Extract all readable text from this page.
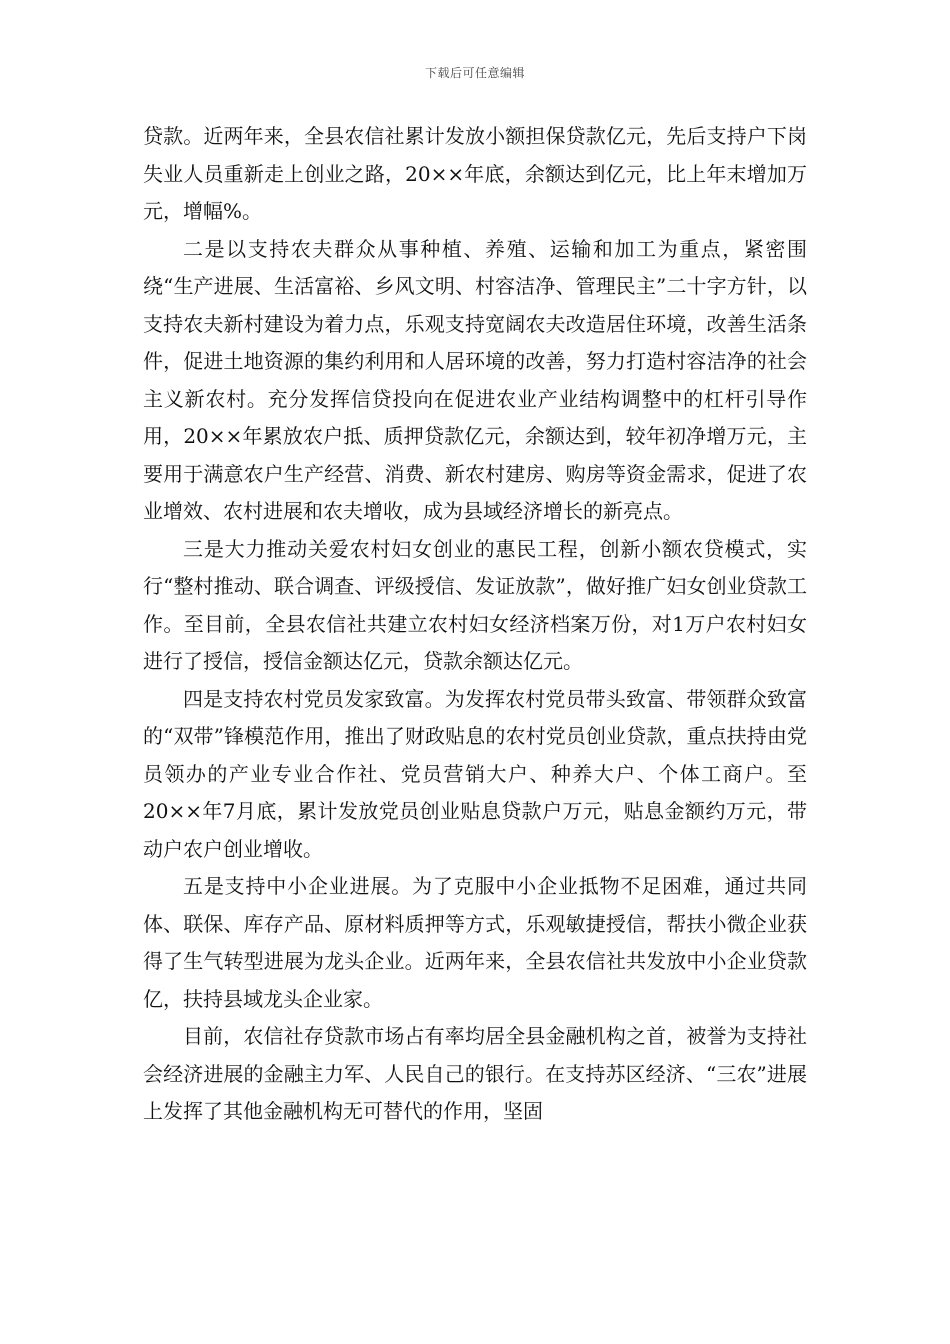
下载后可任意编辑

贷款。近两年来，全县农信社累计发放小额担保贷款亿元，先后支持户下岗失业人员重新走上创业之路，20××年底，余额达到亿元，比上年末增加万元，增幅%。

二是以支持农夫群众从事种植、养殖、运输和加工为重点，紧密围绕“生产进展、生活富裕、乡风文明、村容洁净、管理民主”二十字方针，以支持农夫新村建设为着力点，乐观支持宽阔农夫改造居住环境，改善生活条件，促进土地资源的集约利用和人居环境的改善，努力打造村容洁净的社会主义新农村。充分发挥信贷投向在促进农业产业结构调整中的杠杆引导作用，20××年累放农户抵、质押贷款亿元，余额达到，较年初净增万元，主要用于满意农户生产经营、消费、新农村建房、购房等资金需求，促进了农业增效、农村进展和农夫增收，成为县域经济增长的新亮点。

三是大力推动关爱农村妇女创业的惠民工程，创新小额农贷模式，实行“整村推动、联合调查、评级授信、发证放款”，做好推广妇女创业贷款工作。至目前，全县农信社共建立农村妇女经济档案万份，对1万户农村妇女进行了授信，授信金额达亿元，贷款余额达亿元。

四是支持农村党员发家致富。为发挥农村党员带头致富、带领群众致富的“双带”锋模范作用，推出了财政贴息的农村党员创业贷款，重点扶持由党员领办的产业专业合作社、党员营销大户、种养大户、个体工商户。至20××年7月底，累计发放党员创业贴息贷款户万元，贴息金额约万元，带动户农户创业增收。

五是支持中小企业进展。为了克服中小企业抵物不足困难，通过共同体、联保、库存产品、原材料质押等方式，乐观敏捷授信，帮扶小微企业获得了生气转型进展为龙头企业。近两年来，全县农信社共发放中小企业贷款亿，扶持县域龙头企业家。

目前，农信社存贷款市场占有率均居全县金融机构之首，被誉为支持社会经济进展的金融主力军、人民自己的银行。在支持苏区经济、“三农”进展上发挥了其他金融机构无可替代的作用，坚固
